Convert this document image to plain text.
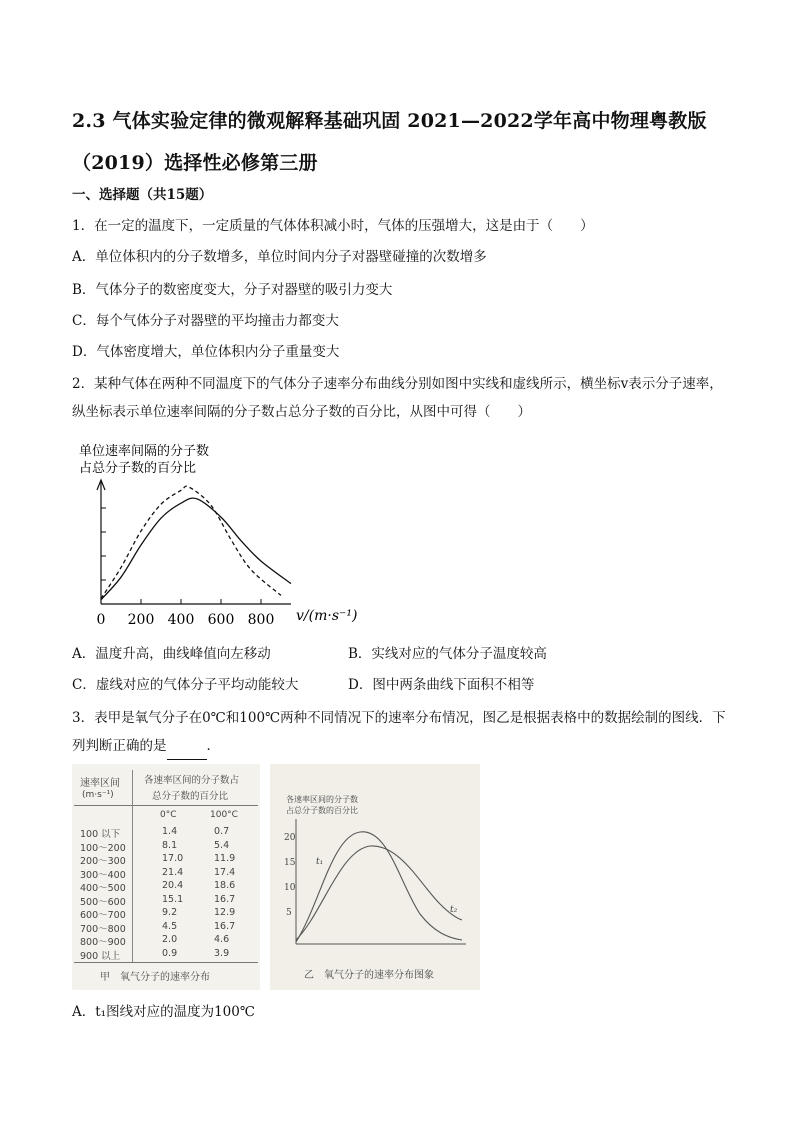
2.3 气体实验定律的微观解释基础巩固 2021—2022学年高中物理粤教版（2019）选择性必修第三册
一、选择题（共15题）
1．在一定的温度下，一定质量的气体体积减小时，气体的压强增大，这是由于（　　）
A．单位体积内的分子数增多，单位时间内分子对器壁碰撞的次数增多
B．气体分子的数密度变大，分子对器壁的吸引力变大
C．每个气体分子对器壁的平均撞击力都变大
D．气体密度增大，单位体积内分子重量变大
2．某种气体在两种不同温度下的气体分子速率分布曲线分别如图中实线和虚线所示，横坐标v表示分子速率，纵坐标表示单位速率间隔的分子数占总分子数的百分比，从图中可得（　　）
单位速率间隔的分子数
占总分子数的百分比
0 200 400 600 800 v/(m·s⁻¹)
A．温度升高，曲线峰值向左移动	B．实线对应的气体分子温度较高
C．虚线对应的气体分子平均动能较大	D．图中两条曲线下面积不相等
3．表甲是氧气分子在0℃和100℃两种不同情况下的速率分布情况，图乙是根据表格中的数据绘制的图线．下列判断正确的是	．
速率区间
(m·s⁻¹)
各速率区间的分子数占
总分子数的百分比
0°C	100°C
100 以下	1.4	0.7
100～200	8.1	5.4
200～300	17.0	11.9
300～400	21.4	17.4
400～500	20.4	18.6
500～600	15.1	16.7
600～700	9.2	12.9
700～800	4.5	16.7
800～900	2.0	4.6
900 以上	0.9	3.9
甲　氧气分子的速率分布
各速率区间的分子数
占总分子数的百分比
20
15
10
5
t₁
t₂
乙　氧气分子的速率分布图象
A．t₁图线对应的温度为100℃
